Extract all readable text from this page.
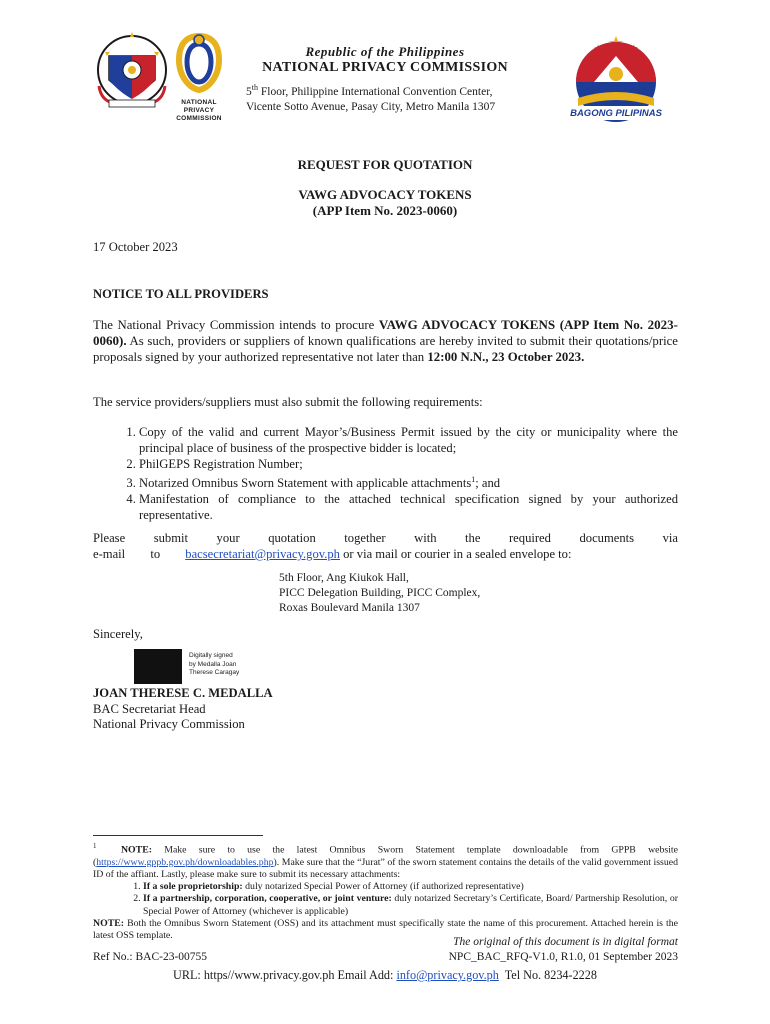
NATIONAL
PRIVACY
COMMISSION	BAGONG PILIPINAS
Republic of the Philippines
NATIONAL PRIVACY COMMISSION
5th Floor, Philippine International Convention Center,
Vicente Sotto Avenue, Pasay City, Metro Manila 1307
REQUEST FOR QUOTATION
VAWG ADVOCACY TOKENS
(APP Item No. 2023-0060)
17 October 2023
NOTICE TO ALL PROVIDERS
The National Privacy Commission intends to procure VAWG ADVOCACY TOKENS (APP Item No. 2023-0060). As such, providers or suppliers of known qualifications are hereby invited to submit their quotations/price proposals signed by your authorized representative not later than 12:00 N.N., 23 October 2023.
The service providers/suppliers must also submit the following requirements:
1. Copy of the valid and current Mayor’s/Business Permit issued by the city or municipality where the principal place of business of the prospective bidder is located;
2. PhilGEPS Registration Number;
3. Notarized Omnibus Sworn Statement with applicable attachments$^1$; and
4. Manifestation of compliance to the attached technical specification signed by your authorized representative.
Please submit your quotation together with the required documents via e-mail to bacsecretariat@privacy.gov.ph or via mail or courier in a sealed envelope to:
5th Floor, Ang Kiukok Hall,
PICC Delegation Building, PICC Complex,
Roxas Boulevard Manila 1307
Sincerely,
Digitally signed
by Medalla Joan
Therese Caragay
JOAN THERESE C. MEDALLA
BAC Secretariat Head
National Privacy Commission
$^1$ NOTE: Make sure to use the latest Omnibus Sworn Statement template downloadable from GPPB website (https://www.gppb.gov.ph/downloadables.php). Make sure that the “Jurat” of the sworn statement contains the details of the valid government issued ID of the affiant. Lastly, please make sure to submit its necessary attachments:
1. If a sole proprietorship: duly notarized Special Power of Attorney (if authorized representative)
2. If a partnership, corporation, cooperative, or joint venture: duly notarized Secretary’s Certificate, Board/ Partnership Resolution, or Special Power of Attorney (whichever is applicable)
NOTE: Both the Omnibus Sworn Statement (OSS) and its attachment must specifically state the name of this procurement. Attached herein is the latest OSS template.
The original of this document is in digital format
Ref No.: BAC-23-00755	NPC_BAC_RFQ-V1.0, R1.0, 01 September 2023
URL: https//www.privacy.gov.ph Email Add: info@privacy.gov.ph  Tel No. 8234-2228
